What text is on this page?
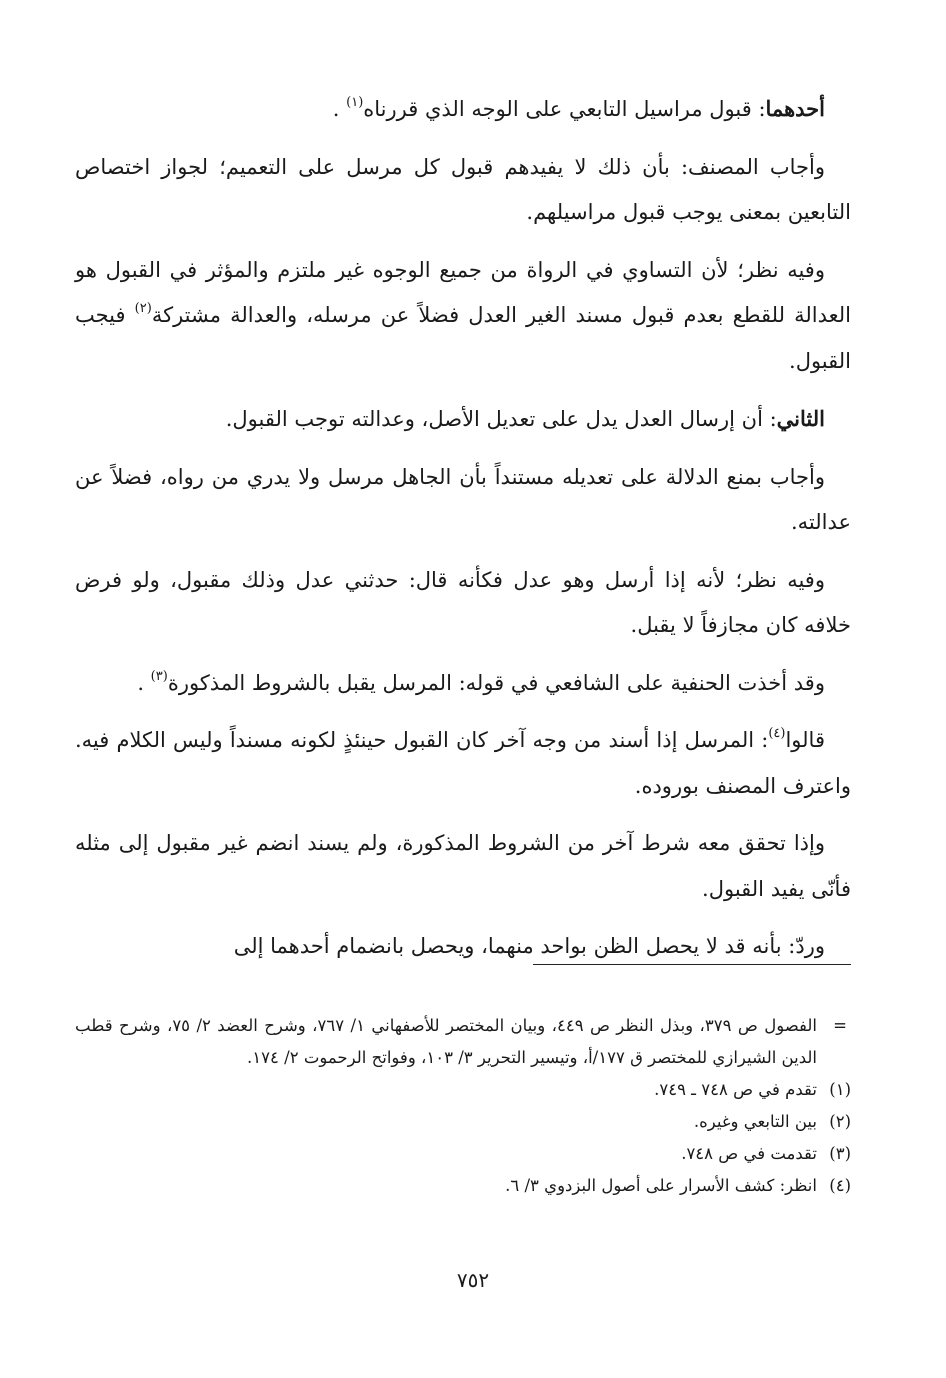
أحدهما: قبول مراسيل التابعي على الوجه الذي قررناه$^{(١)}$ .

وأجاب المصنف: بأن ذلك لا يفيدهم قبول كل مرسل على التعميم؛ لجواز اختصاص التابعين بمعنى يوجب قبول مراسيلهم.

وفيه نظر؛ لأن التساوي في الرواة من جميع الوجوه غير ملتزم والمؤثر في القبول هو العدالة للقطع بعدم قبول مسند الغير العدل فضلاً عن مرسله، والعدالة مشتركة$^{(٢)}$ فيجب القبول.

الثاني: أن إرسال العدل يدل على تعديل الأصل، وعدالته توجب القبول.

وأجاب بمنع الدلالة على تعديله مستنداً بأن الجاهل مرسل ولا يدري من رواه، فضلاً عن عدالته.

وفيه نظر؛ لأنه إذا أرسل وهو عدل فكأنه قال: حدثني عدل وذلك مقبول، ولو فرض خلافه كان مجازفاً لا يقبل.

وقد أخذت الحنفية على الشافعي في قوله: المرسل يقبل بالشروط المذكورة$^{(٣)}$ .

قالوا$^{(٤)}$: المرسل إذا أسند من وجه آخر كان القبول حينئذٍ لكونه مسنداً وليس الكلام فيه. واعترف المصنف بوروده.

وإذا تحقق معه شرط آخر من الشروط المذكورة، ولم يسند انضم غير مقبول إلى مثله فأنّى يفيد القبول.

وردّ: بأنه قد لا يحصل الظن بواحد منهما، ويحصل بانضمام أحدهما إلى

=
الفصول ص ٣٧٩، وبذل النظر ص ٤٤٩، وبيان المختصر للأصفهاني ١/ ٧٦٧، وشرح العضد ٢/ ٧٥، وشرح قطب الدين الشيرازي للمختصر ق ١٧٧/أ، وتيسير التحرير ٣/ ١٠٣، وفواتح الرحموت ٢/ ١٧٤.
(١)
تقدم في ص ٧٤٨ ـ ٧٤٩.
(٢)
بين التابعي وغيره.
(٣)
تقدمت في ص ٧٤٨.
(٤)
انظر: كشف الأسرار على أصول البزدوي ٣/ ٦.
٧٥٢
